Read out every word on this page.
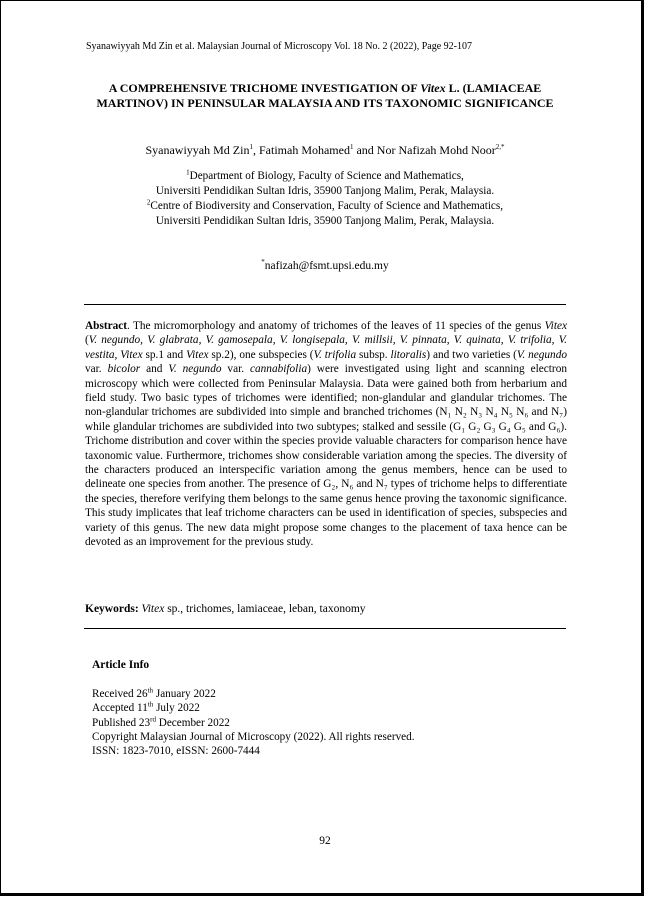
Syanawiyyah Md Zin et al. Malaysian Journal of Microscopy Vol. 18 No. 2 (2022), Page 92-107
A COMPREHENSIVE TRICHOME INVESTIGATION OF Vitex L. (LAMIACEAE MARTINOV) IN PENINSULAR MALAYSIA AND ITS TAXONOMIC SIGNIFICANCE
Syanawiyyah Md Zin$^1$, Fatimah Mohamed$^1$ and Nor Nafizah Mohd Noor$^{2,*}$
$^1$Department of Biology, Faculty of Science and Mathematics,
Universiti Pendidikan Sultan Idris, 35900 Tanjong Malim, Perak, Malaysia.
$^2$Centre of Biodiversity and Conservation, Faculty of Science and Mathematics,
Universiti Pendidikan Sultan Idris, 35900 Tanjong Malim, Perak, Malaysia.
*nafizah@fsmt.upsi.edu.my
Abstract. The micromorphology and anatomy of trichomes of the leaves of 11 species of the genus Vitex (V. negundo, V. glabrata, V. gamosepala, V. longisepala, V. millsii, V. pinnata, V. quinata, V. trifolia, V. vestita, Vitex sp.1 and Vitex sp.2), one subspecies (V. trifolia subsp. litoralis) and two varieties (V. negundo var. bicolor and V. negundo var. cannabifolia) were investigated using light and scanning electron microscopy which were collected from Peninsular Malaysia. Data were gained both from herbarium and field study. Two basic types of trichomes were identified; non-glandular and glandular trichomes. The non-glandular trichomes are subdivided into simple and branched trichomes (N₁ N₂ N₃ N₄ N₅ N₆ and N₇) while glandular trichomes are subdivided into two subtypes; stalked and sessile (G₁ G₂ G₃ G₄ G₅ and G₆). Trichome distribution and cover within the species provide valuable characters for comparison hence have taxonomic value. Furthermore, trichomes show considerable variation among the species. The diversity of the characters produced an interspecific variation among the genus members, hence can be used to delineate one species from another. The presence of G₂, N₆ and N₇ types of trichome helps to differentiate the species, therefore verifying them belongs to the same genus hence proving the taxonomic significance. This study implicates that leaf trichome characters can be used in identification of species, subspecies and variety of this genus. The new data might propose some changes to the placement of taxa hence can be devoted as an improvement for the previous study.
Keywords: Vitex sp., trichomes, lamiaceae, leban, taxonomy
Article Info
Received 26th January 2022
Accepted 11th July 2022
Published 23rd December 2022
Copyright Malaysian Journal of Microscopy (2022). All rights reserved.
ISSN: 1823-7010, eISSN: 2600-7444
92
